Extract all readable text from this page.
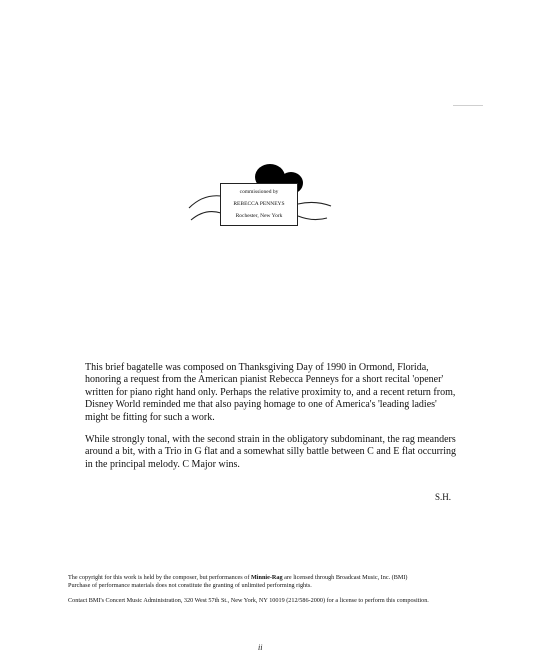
commissioned by
REBECCA PENNEYS
Rochester, New York

This brief bagatelle was composed on Thanksgiving Day of 1990 in Ormond, Florida,
honoring a request from the American pianist Rebecca Penneys for a short recital 'opener'
written for piano right hand only. Perhaps the relative proximity to, and a recent return from,
Disney World reminded me that also paying homage to one of America's 'leading ladies'
might be fitting for such a work.

While strongly tonal, with the second strain in the obligatory subdominant, the rag meanders
around a bit, with a Trio in G flat and a somewhat silly battle between C and E flat occurring
in the principal melody. C Major wins.

S.H.

The copyright for this work is held by the composer, but performances of Minnie-Rag are licensed through Broadcast Music, Inc. (BMI)
Purchase of performance materials does not constitute the granting of unlimited performing rights.

Contact BMI's Concert Music Administration, 320 West 57th St., New York, NY 10019 (212/586-2000) for a license to perform this composition.

ii
